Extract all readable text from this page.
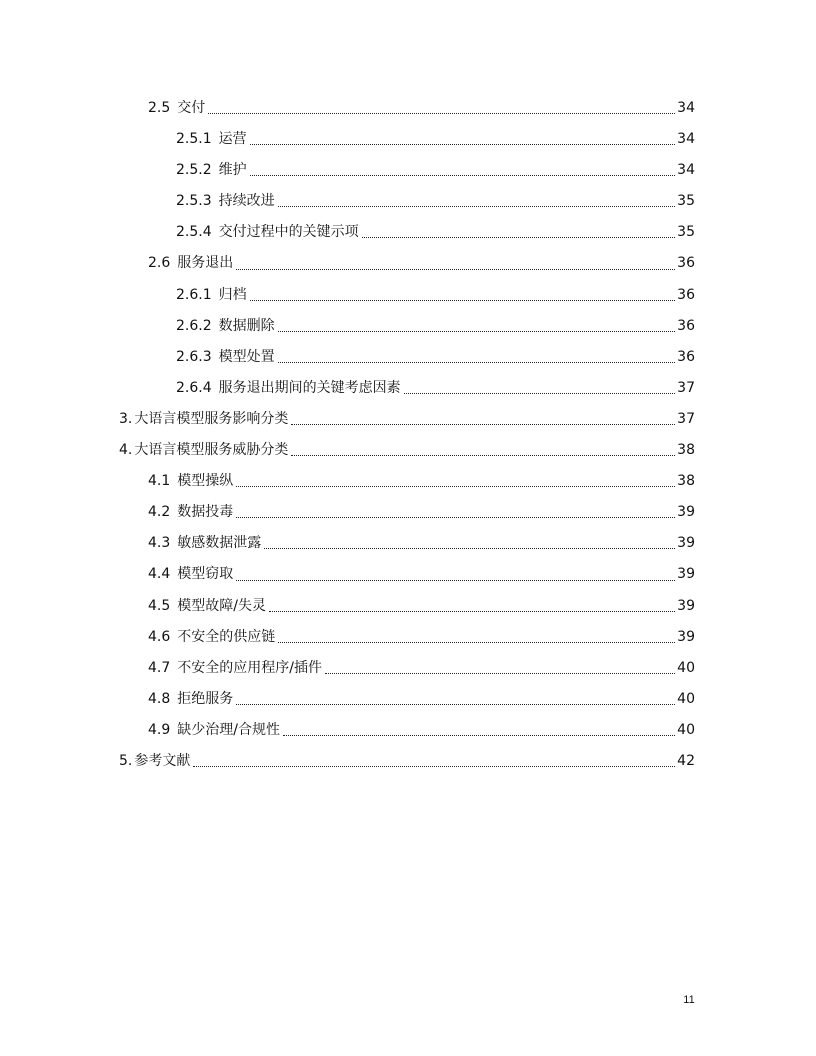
2.5 交付	34
2.5.1 运营	34
2.5.2 维护	34
2.5.3 持续改进	35
2.5.4 交付过程中的关键示项	35
2.6 服务退出	36
2.6.1 归档	36
2.6.2 数据删除	36
2.6.3 模型处置	36
2.6.4 服务退出期间的关键考虑因素	37
3. 大语言模型服务影响分类	37
4. 大语言模型服务威胁分类	38
4.1 模型操纵	38
4.2 数据投毒	39
4.3 敏感数据泄露	39
4.4 模型窃取	39
4.5 模型故障/失灵	39
4.6 不安全的供应链	39
4.7 不安全的应用程序/插件	40
4.8 拒绝服务	40
4.9 缺少治理/合规性	40
5. 参考文献	42
11
